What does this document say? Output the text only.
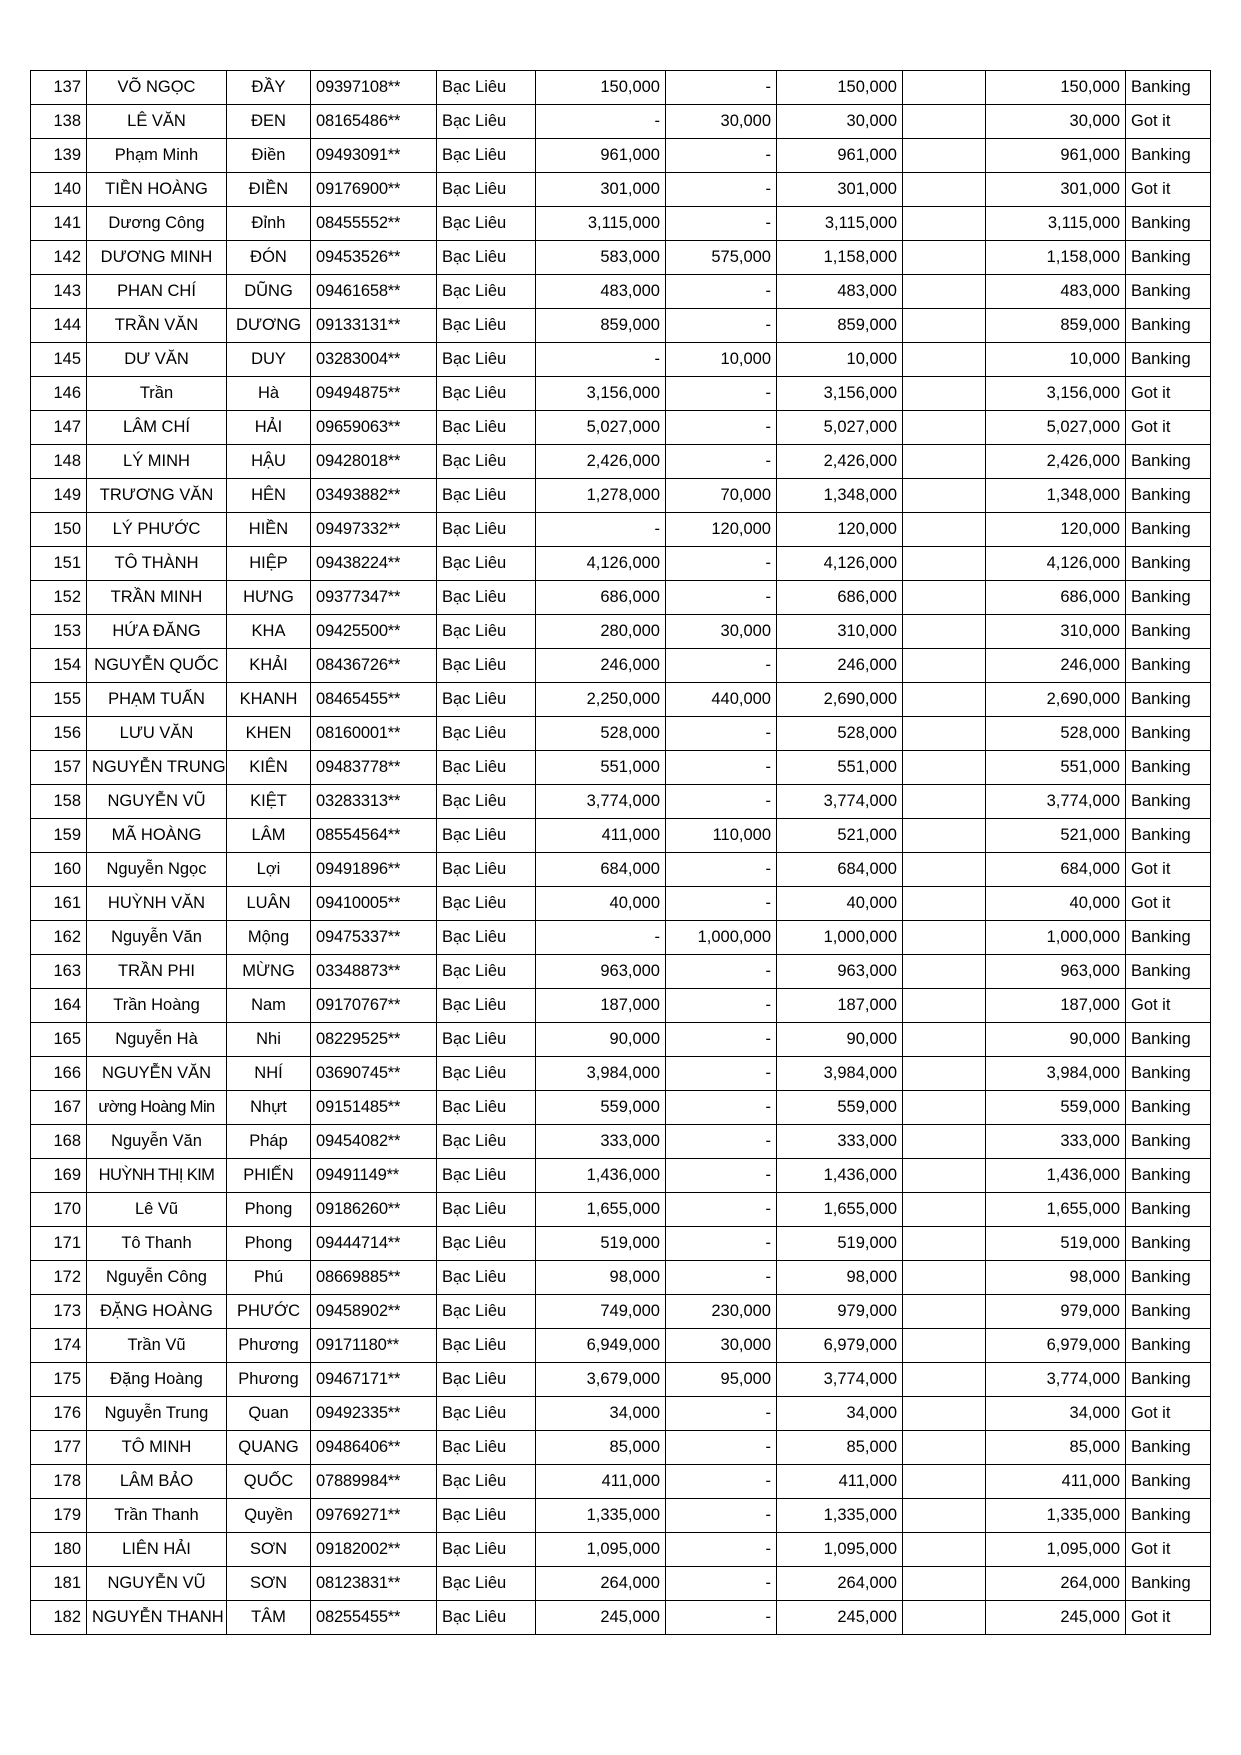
137	VÕ NGỌC	ĐẦY	09397108**	Bạc Liêu	150,000	-	150,000		150,000	Banking
138	LÊ VĂN	ĐEN	08165486**	Bạc Liêu	-	30,000	30,000		30,000	Got it
139	Phạm Minh	Điền	09493091**	Bạc Liêu	961,000	-	961,000		961,000	Banking
140	TIỀN HOÀNG	ĐIỀN	09176900**	Bạc Liêu	301,000	-	301,000		301,000	Got it
141	Dương Công	Đỉnh	08455552**	Bạc Liêu	3,115,000	-	3,115,000		3,115,000	Banking
142	DƯƠNG MINH	ĐÓN	09453526**	Bạc Liêu	583,000	575,000	1,158,000		1,158,000	Banking
143	PHAN CHÍ	DŨNG	09461658**	Bạc Liêu	483,000	-	483,000		483,000	Banking
144	TRẦN VĂN	DƯƠNG	09133131**	Bạc Liêu	859,000	-	859,000		859,000	Banking
145	DƯ VĂN	DUY	03283004**	Bạc Liêu	-	10,000	10,000		10,000	Banking
146	Trần	Hà	09494875**	Bạc Liêu	3,156,000	-	3,156,000		3,156,000	Got it
147	LÂM CHÍ	HẢI	09659063**	Bạc Liêu	5,027,000	-	5,027,000		5,027,000	Got it
148	LÝ MINH	HẬU	09428018**	Bạc Liêu	2,426,000	-	2,426,000		2,426,000	Banking
149	TRƯƠNG VĂN	HÊN	03493882**	Bạc Liêu	1,278,000	70,000	1,348,000		1,348,000	Banking
150	LÝ PHƯỚC	HIỀN	09497332**	Bạc Liêu	-	120,000	120,000		120,000	Banking
151	TÔ THÀNH	HIỆP	09438224**	Bạc Liêu	4,126,000	-	4,126,000		4,126,000	Banking
152	TRẦN MINH	HƯNG	09377347**	Bạc Liêu	686,000	-	686,000		686,000	Banking
153	HỨA ĐĂNG	KHA	09425500**	Bạc Liêu	280,000	30,000	310,000		310,000	Banking
154	NGUYỄN QUỐC	KHẢI	08436726**	Bạc Liêu	246,000	-	246,000		246,000	Banking
155	PHẠM TUẤN	KHANH	08465455**	Bạc Liêu	2,250,000	440,000	2,690,000		2,690,000	Banking
156	LƯU VĂN	KHEN	08160001**	Bạc Liêu	528,000	-	528,000		528,000	Banking
157	NGUYỄN TRUNG	KIÊN	09483778**	Bạc Liêu	551,000	-	551,000		551,000	Banking
158	NGUYỄN VŨ	KIỆT	03283313**	Bạc Liêu	3,774,000	-	3,774,000		3,774,000	Banking
159	MÃ HOÀNG	LÂM	08554564**	Bạc Liêu	411,000	110,000	521,000		521,000	Banking
160	Nguyễn Ngọc	Lợi	09491896**	Bạc Liêu	684,000	-	684,000		684,000	Got it
161	HUỲNH VĂN	LUÂN	09410005**	Bạc Liêu	40,000	-	40,000		40,000	Got it
162	Nguyễn Văn	Mộng	09475337**	Bạc Liêu	-	1,000,000	1,000,000		1,000,000	Banking
163	TRẦN PHI	MỪNG	03348873**	Bạc Liêu	963,000	-	963,000		963,000	Banking
164	Trần Hoàng	Nam	09170767**	Bạc Liêu	187,000	-	187,000		187,000	Got it
165	Nguyễn Hà	Nhi	08229525**	Bạc Liêu	90,000	-	90,000		90,000	Banking
166	NGUYỄN VĂN	NHÍ	03690745**	Bạc Liêu	3,984,000	-	3,984,000		3,984,000	Banking
167	ường Hoàng Min	Nhựt	09151485**	Bạc Liêu	559,000	-	559,000		559,000	Banking
168	Nguyễn Văn	Pháp	09454082**	Bạc Liêu	333,000	-	333,000		333,000	Banking
169	HUỲNH THỊ KIM	PHIẾN	09491149**	Bạc Liêu	1,436,000	-	1,436,000		1,436,000	Banking
170	Lê Vũ	Phong	09186260**	Bạc Liêu	1,655,000	-	1,655,000		1,655,000	Banking
171	Tô Thanh	Phong	09444714**	Bạc Liêu	519,000	-	519,000		519,000	Banking
172	Nguyễn Công	Phú	08669885**	Bạc Liêu	98,000	-	98,000		98,000	Banking
173	ĐẶNG HOÀNG	PHƯỚC	09458902**	Bạc Liêu	749,000	230,000	979,000		979,000	Banking
174	Trần Vũ	Phương	09171180**	Bạc Liêu	6,949,000	30,000	6,979,000		6,979,000	Banking
175	Đặng Hoàng	Phương	09467171**	Bạc Liêu	3,679,000	95,000	3,774,000		3,774,000	Banking
176	Nguyễn Trung	Quan	09492335**	Bạc Liêu	34,000	-	34,000		34,000	Got it
177	TÔ MINH	QUANG	09486406**	Bạc Liêu	85,000	-	85,000		85,000	Banking
178	LÂM BẢO	QUỐC	07889984**	Bạc Liêu	411,000	-	411,000		411,000	Banking
179	Trần Thanh	Quyền	09769271**	Bạc Liêu	1,335,000	-	1,335,000		1,335,000	Banking
180	LIÊN HẢI	SƠN	09182002**	Bạc Liêu	1,095,000	-	1,095,000		1,095,000	Got it
181	NGUYỄN VŨ	SƠN	08123831**	Bạc Liêu	264,000	-	264,000		264,000	Banking
182	NGUYỄN THANH	TÂM	08255455**	Bạc Liêu	245,000	-	245,000		245,000	Got it
